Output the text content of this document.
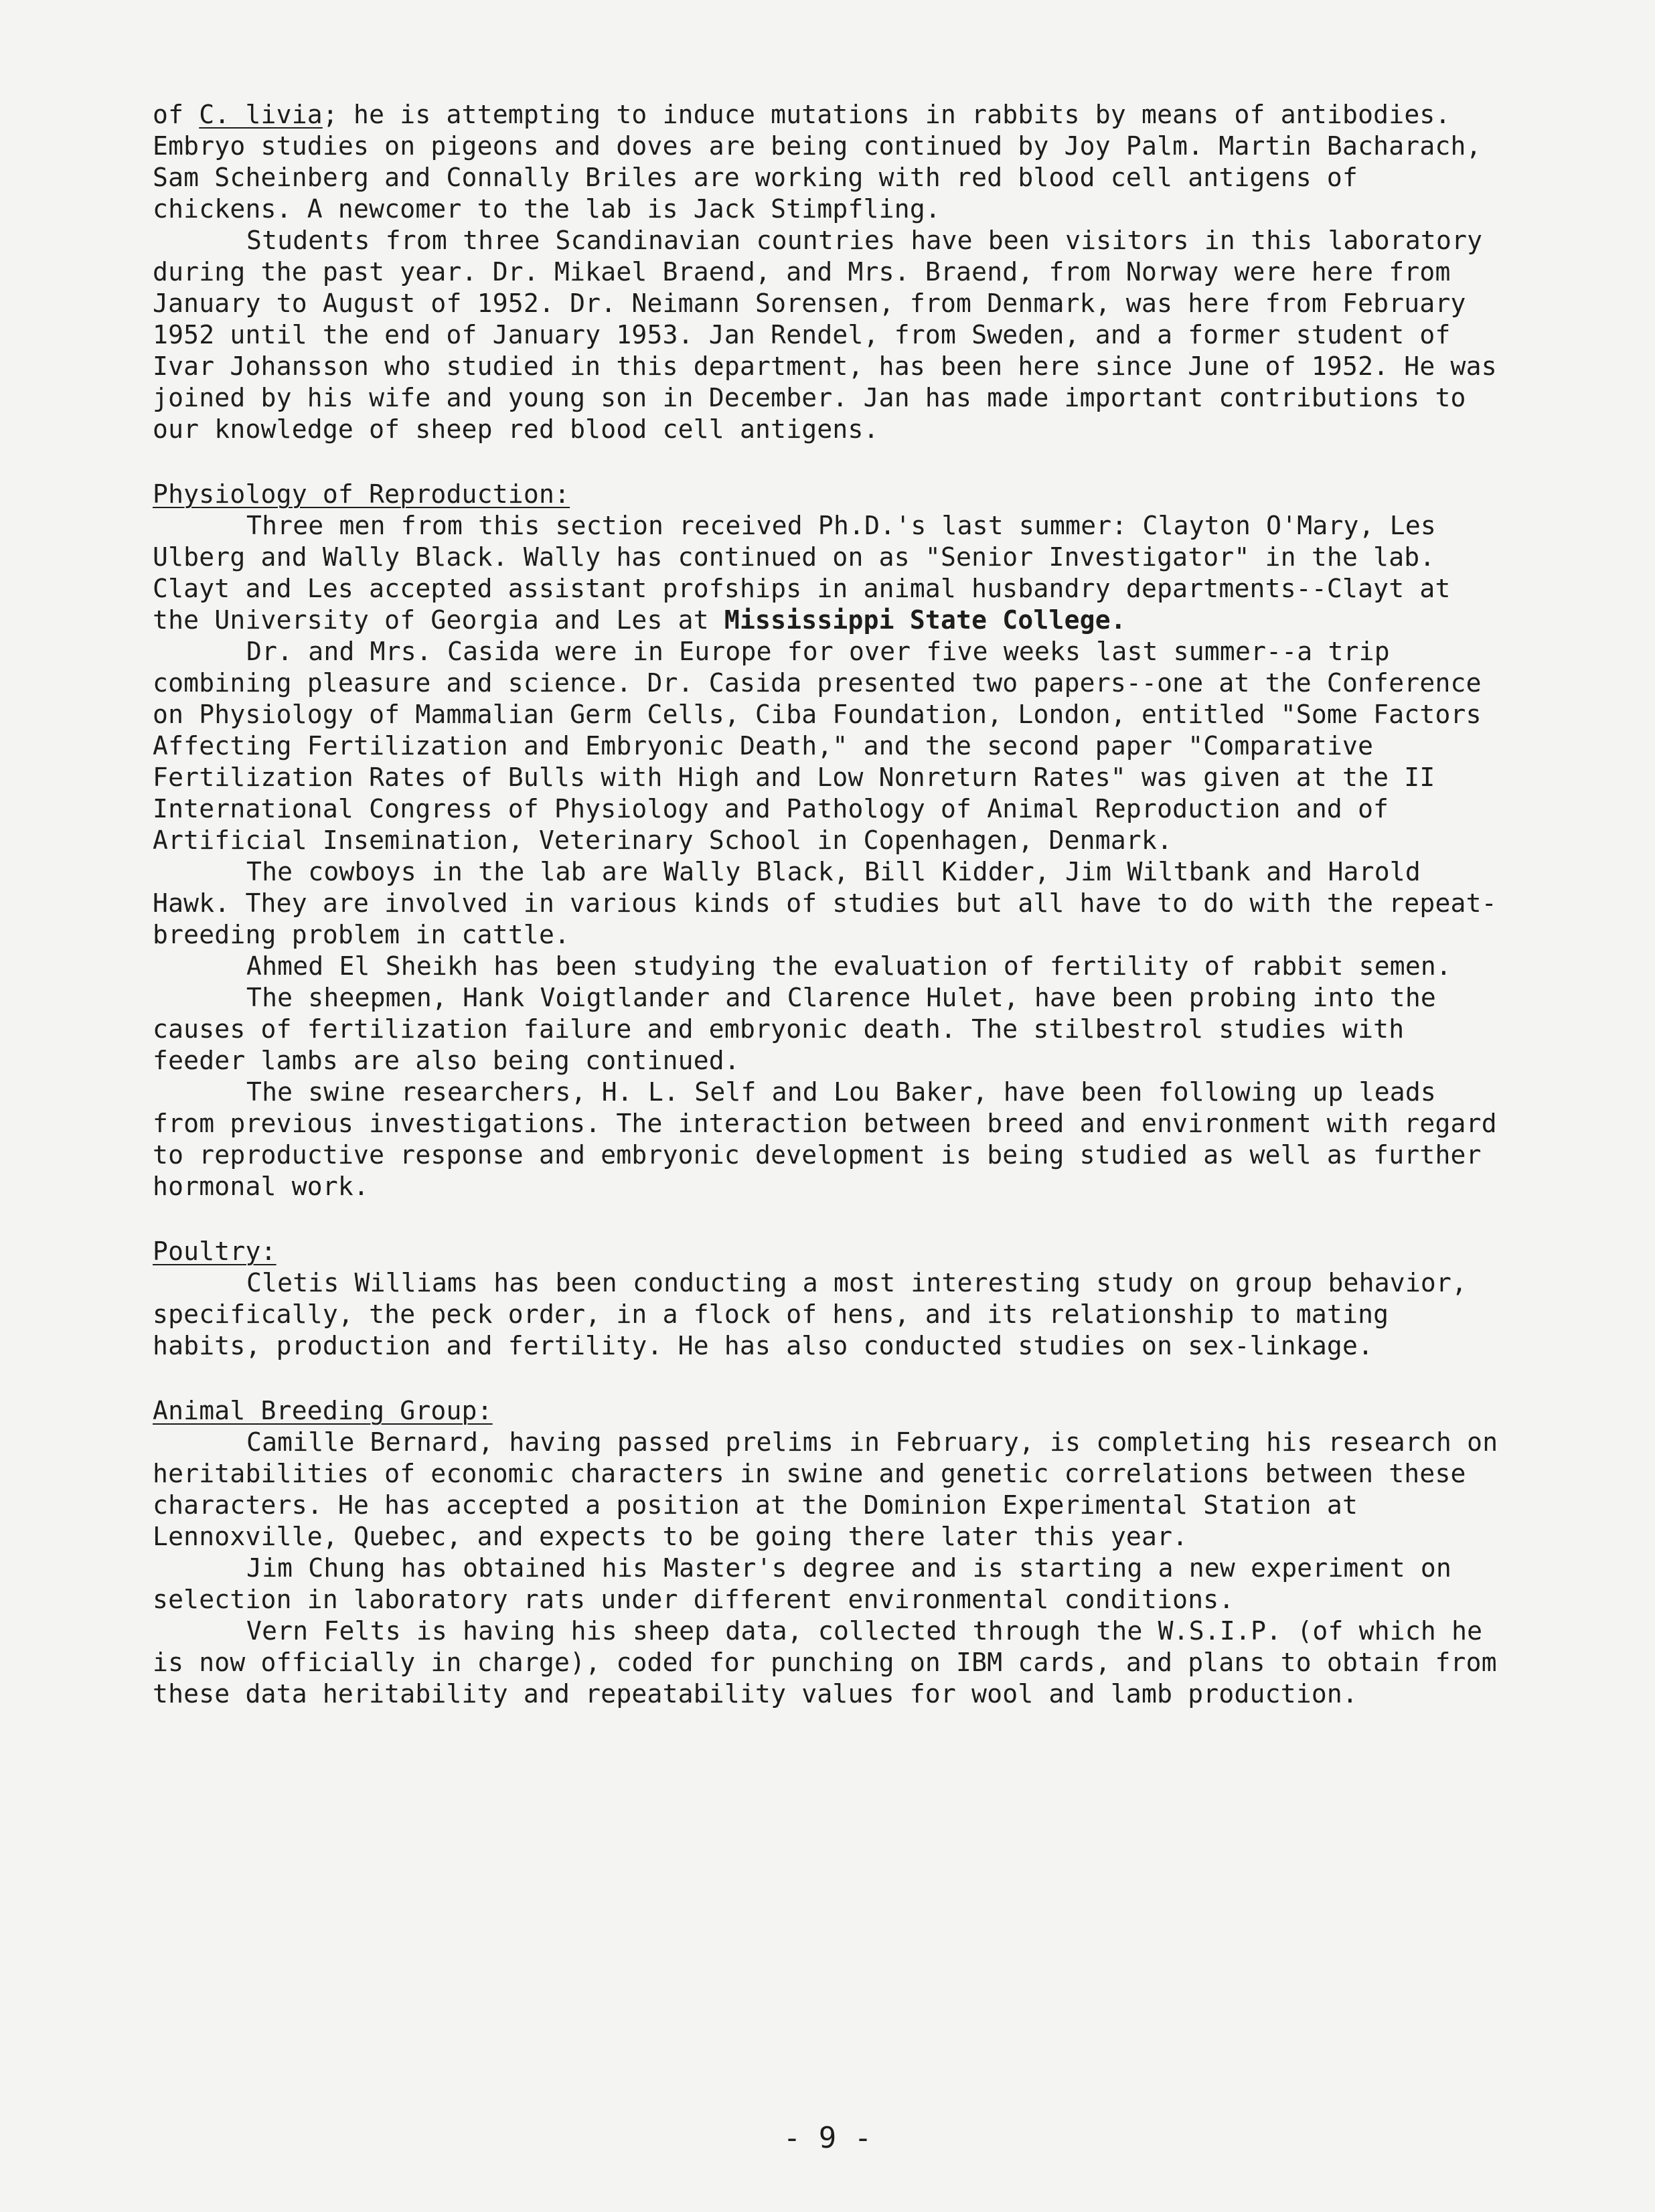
of C. livia; he is attempting to induce mutations in rabbits by means of antibodies. Embryo studies on pigeons and doves are being continued by Joy Palm. Martin Bacharach, Sam Scheinberg and Connally Briles are working with red blood cell antigens of chickens. A newcomer to the lab is Jack Stimpfling.

Students from three Scandinavian countries have been visitors in this laboratory during the past year. Dr. Mikael Braend, and Mrs. Braend, from Norway were here from January to August of 1952. Dr. Neimann Sorensen, from Denmark, was here from February 1952 until the end of January 1953. Jan Rendel, from Sweden, and a former student of Ivar Johansson who studied in this department, has been here since June of 1952. He was joined by his wife and young son in December. Jan has made important contributions to our knowledge of sheep red blood cell antigens.

Physiology of Reproduction:

Three men from this section received Ph.D.'s last summer: Clayton O'Mary, Les Ulberg and Wally Black. Wally has continued on as "Senior Investigator" in the lab. Clayt and Les accepted assistant profships in animal husbandry departments--Clayt at the University of Georgia and Les at Mississippi State College.

Dr. and Mrs. Casida were in Europe for over five weeks last summer--a trip combining pleasure and science. Dr. Casida presented two papers--one at the Conference on Physiology of Mammalian Germ Cells, Ciba Foundation, London, entitled "Some Factors Affecting Fertilization and Embryonic Death," and the second paper "Comparative Fertilization Rates of Bulls with High and Low Nonreturn Rates" was given at the II International Congress of Physiology and Pathology of Animal Reproduction and of Artificial Insemination, Veterinary School in Copenhagen, Denmark.

The cowboys in the lab are Wally Black, Bill Kidder, Jim Wiltbank and Harold Hawk. They are involved in various kinds of studies but all have to do with the repeat-breeding problem in cattle.

Ahmed El Sheikh has been studying the evaluation of fertility of rabbit semen.

The sheepmen, Hank Voigtlander and Clarence Hulet, have been probing into the causes of fertilization failure and embryonic death. The stilbestrol studies with feeder lambs are also being continued.

The swine researchers, H. L. Self and Lou Baker, have been following up leads from previous investigations. The interaction between breed and environment with regard to reproductive response and embryonic development is being studied as well as further hormonal work.

Poultry:

Cletis Williams has been conducting a most interesting study on group behavior, specifically, the peck order, in a flock of hens, and its relationship to mating habits, production and fertility. He has also conducted studies on sex-linkage.

Animal Breeding Group:

Camille Bernard, having passed prelims in February, is completing his research on heritabilities of economic characters in swine and genetic correlations between these characters. He has accepted a position at the Dominion Experimental Station at Lennoxville, Quebec, and expects to be going there later this year.

Jim Chung has obtained his Master's degree and is starting a new experiment on selection in laboratory rats under different environmental conditions.

Vern Felts is having his sheep data, collected through the W.S.I.P. (of which he is now officially in charge), coded for punching on IBM cards, and plans to obtain from these data heritability and repeatability values for wool and lamb production.

- 9 -
